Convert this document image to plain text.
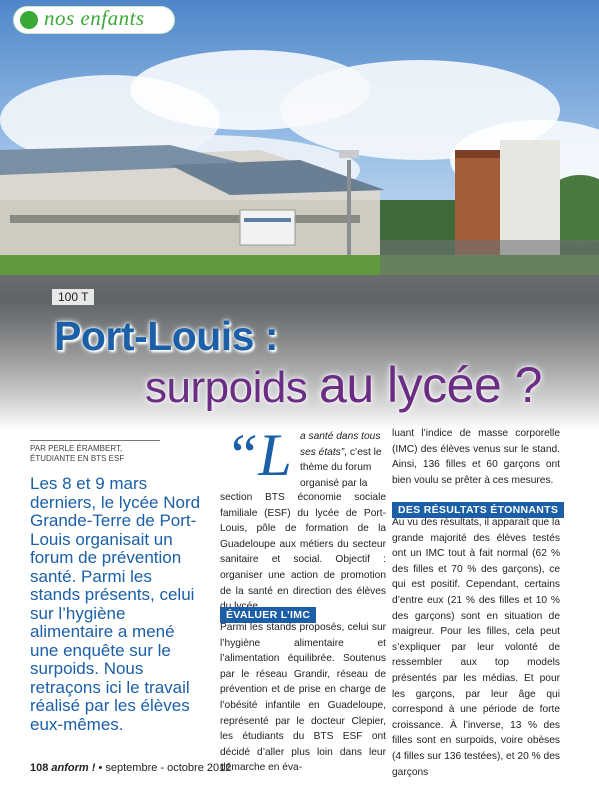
nos enfants
100 T
Port-Louis :
surpoids au lycée ?
PAR PERLE ÉRAMBERT,
ÉTUDIANTE EN BTS ESF
Les 8 et 9 mars derniers, le lycée Nord Grande-Terre de Port-Louis organisait un forum de prévention santé. Parmi les stands présents, celui sur l’hygiène alimentaire a mené une enquête sur le surpoids. Nous retraçons ici le travail réalisé par les élèves eux-mêmes.
“L a santé dans tous ses états”, c’est le thème du forum organisé par la
section BTS économie sociale familiale (ESF) du lycée de Port-Louis, pôle de formation de la Guadeloupe aux métiers du secteur sanitaire et social. Objectif : organiser une action de promotion de la santé en direction des élèves
ÉVALUER L’IMC
Parmi les stands proposés, celui sur l’hygiène alimentaire et l’alimentation équilibrée. Soutenus par le réseau Grandir, réseau de prévention et de prise en charge de l’obésité infantile en Guadeloupe, représenté par le docteur Clepier, les étudiants du BTS ESF ont décidé d’aller plus loin dans leur démarche en éva-
luant l’indice de masse corporelle (IMC) des élèves venus sur le stand. Ainsi, 136 filles et 60 garçons ont bien voulu se prêter à ces mesures.
DES RÉSULTATS ÉTONNANTS
Au vu des résultats, il apparaît que la grande majorité des élèves testés ont un IMC tout à fait normal (62 % des filles et 70 % des garçons), ce qui est positif. Cependant, certains d’entre eux (21 % des filles et 10 % des garçons) sont en situation de maigreur. Pour les filles, cela peut s’expliquer par leur volonté de ressembler aux top models présentés par les médias. Et pour les garçons, par leur âge qui correspond à une période de forte croissance. À l’inverse, 13 % des filles sont en surpoids, voire obèses (4 filles sur 136 testées), et 20 % des garçons
108 anform ! • septembre - octobre 2012
